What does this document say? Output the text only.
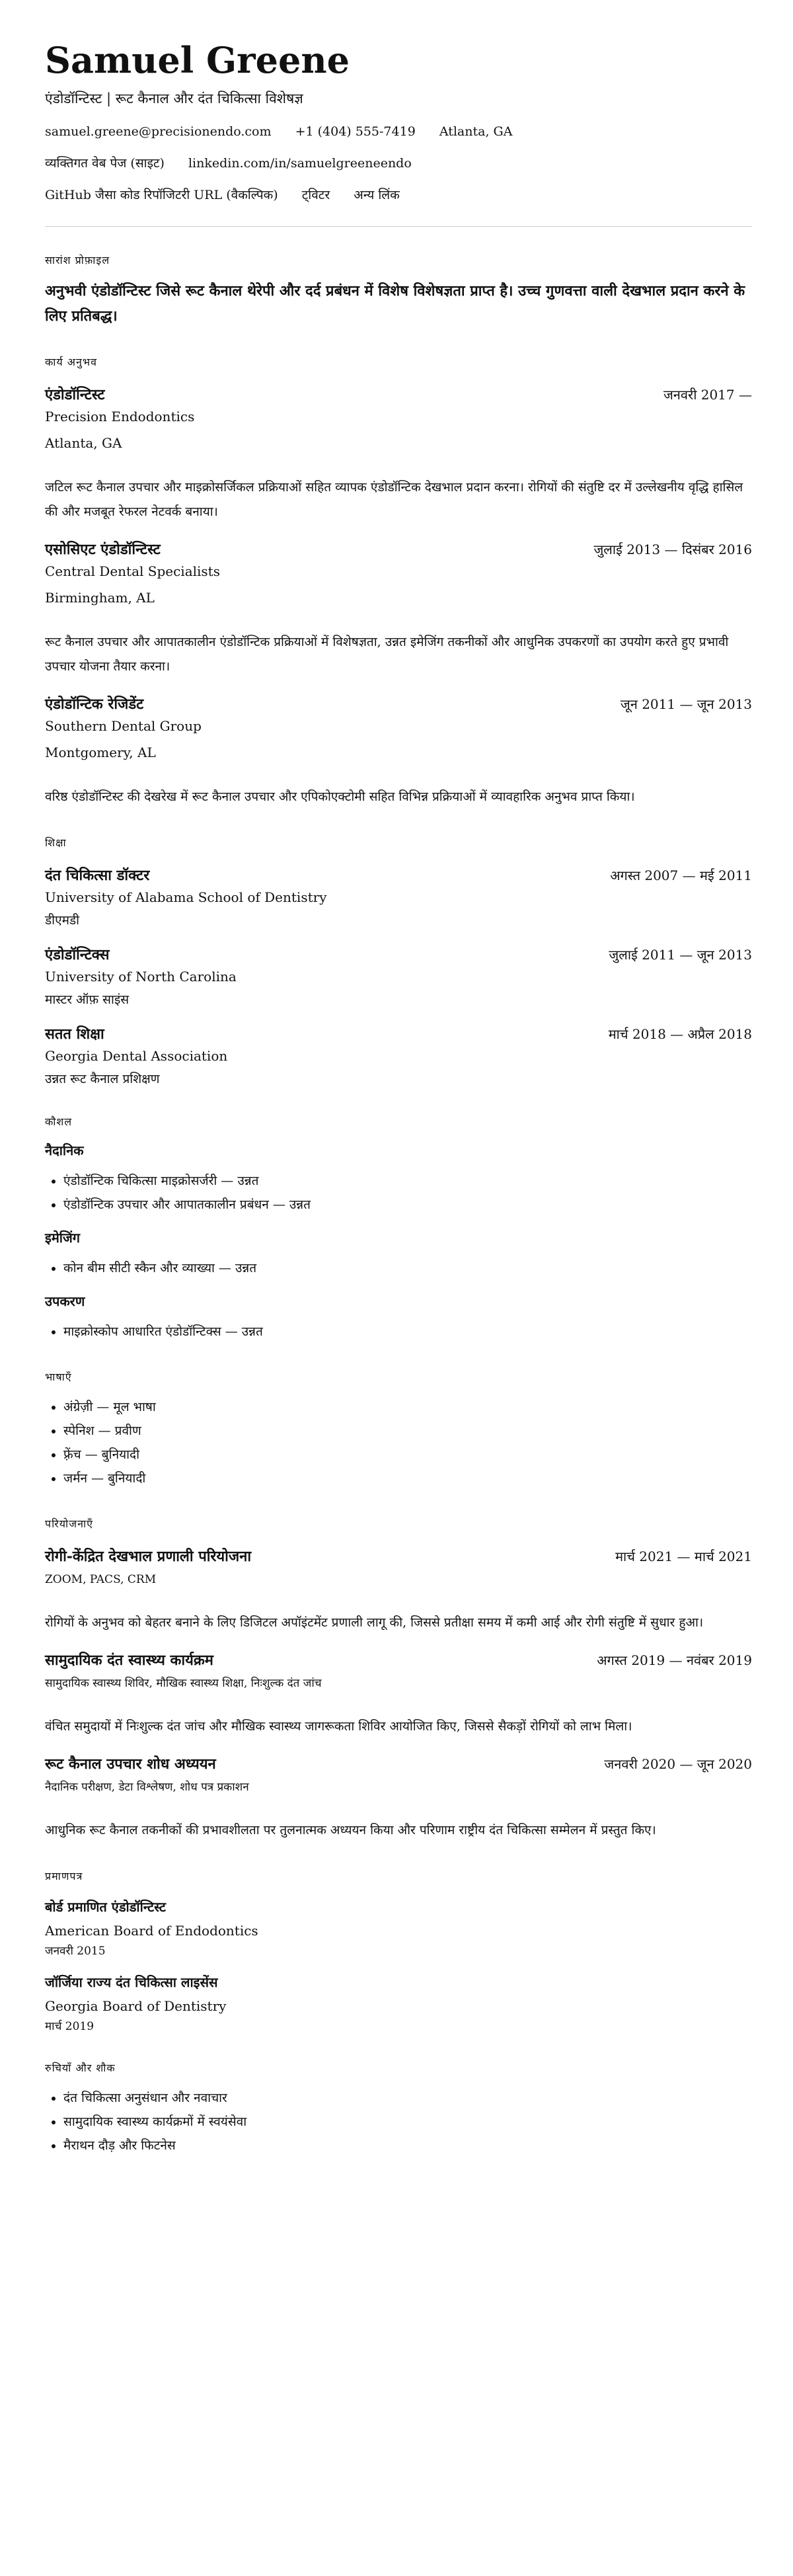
Samuel Greene
एंडोडॉन्टिस्ट | रूट कैनाल और दंत चिकित्सा विशेषज्ञ
samuel.greene@precisionendo.com +1 (404) 555-7419 Atlanta, GA
व्यक्तिगत वेब पेज (साइट) linkedin.com/in/samuelgreeneendo
GitHub जैसा कोड रिपॉजिटरी URL (वैकल्पिक) ट्विटर अन्य लिंक
सारांश प्रोफ़ाइल
अनुभवी एंडोडॉन्टिस्ट जिसे रूट कैनाल थेरेपी और दर्द प्रबंधन में विशेष विशेषज्ञता प्राप्त है। उच्च गुणवत्ता वाली देखभाल प्रदान करने के लिए प्रतिबद्ध।
कार्य अनुभव
एंडोडॉन्टिस्ट	जनवरी 2017 —
Precision Endodontics
Atlanta, GA
जटिल रूट कैनाल उपचार और माइक्रोसर्जिकल प्रक्रियाओं सहित व्यापक एंडोडॉन्टिक देखभाल प्रदान करना। रोगियों की संतुष्टि दर में उल्लेखनीय वृद्धि हासिल की और मजबूत रेफरल नेटवर्क बनाया।
एसोसिएट एंडोडॉन्टिस्ट	जुलाई 2013 — दिसंबर 2016
Central Dental Specialists
Birmingham, AL
रूट कैनाल उपचार और आपातकालीन एंडोडॉन्टिक प्रक्रियाओं में विशेषज्ञता, उन्नत इमेजिंग तकनीकों और आधुनिक उपकरणों का उपयोग करते हुए प्रभावी उपचार योजना तैयार करना।
एंडोडॉन्टिक रेजिडेंट	जून 2011 — जून 2013
Southern Dental Group
Montgomery, AL
वरिष्ठ एंडोडॉन्टिस्ट की देखरेख में रूट कैनाल उपचार और एपिकोएक्टोमी सहित विभिन्न प्रक्रियाओं में व्यावहारिक अनुभव प्राप्त किया।
शिक्षा
दंत चिकित्सा डॉक्टर	अगस्त 2007 — मई 2011
University of Alabama School of Dentistry
डीएमडी
एंडोडॉन्टिक्स	जुलाई 2011 — जून 2013
University of North Carolina
मास्टर ऑफ़ साइंस
सतत शिक्षा	मार्च 2018 — अप्रैल 2018
Georgia Dental Association
उन्नत रूट कैनाल प्रशिक्षण
कौशल
नैदानिक
• एंडोडॉन्टिक चिकित्सा माइक्रोसर्जरी — उन्नत
• एंडोडॉन्टिक उपचार और आपातकालीन प्रबंधन — उन्नत
इमेजिंग
• कोन बीम सीटी स्कैन और व्याख्या — उन्नत
उपकरण
• माइक्रोस्कोप आधारित एंडोडॉन्टिक्स — उन्नत
भाषाएँ
• अंग्रेज़ी — मूल भाषा
• स्पेनिश — प्रवीण
• फ़्रेंच — बुनियादी
• जर्मन — बुनियादी
परियोजनाएँ
रोगी-केंद्रित देखभाल प्रणाली परियोजना	मार्च 2021 — मार्च 2021
ZOOM, PACS, CRM
रोगियों के अनुभव को बेहतर बनाने के लिए डिजिटल अपॉइंटमेंट प्रणाली लागू की, जिससे प्रतीक्षा समय में कमी आई और रोगी संतुष्टि में सुधार हुआ।
सामुदायिक दंत स्वास्थ्य कार्यक्रम	अगस्त 2019 — नवंबर 2019
सामुदायिक स्वास्थ्य शिविर, मौखिक स्वास्थ्य शिक्षा, निःशुल्क दंत जांच
वंचित समुदायों में निःशुल्क दंत जांच और मौखिक स्वास्थ्य जागरूकता शिविर आयोजित किए, जिससे सैकड़ों रोगियों को लाभ मिला।
रूट कैनाल उपचार शोध अध्ययन	जनवरी 2020 — जून 2020
नैदानिक परीक्षण, डेटा विश्लेषण, शोध पत्र प्रकाशन
आधुनिक रूट कैनाल तकनीकों की प्रभावशीलता पर तुलनात्मक अध्ययन किया और परिणाम राष्ट्रीय दंत चिकित्सा सम्मेलन में प्रस्तुत किए।
प्रमाणपत्र
बोर्ड प्रमाणित एंडोडॉन्टिस्ट
American Board of Endodontics
जनवरी 2015
जॉर्जिया राज्य दंत चिकित्सा लाइसेंस
Georgia Board of Dentistry
मार्च 2019
रुचियाँ और शौक
• दंत चिकित्सा अनुसंधान और नवाचार
• सामुदायिक स्वास्थ्य कार्यक्रमों में स्वयंसेवा
• मैराथन दौड़ और फिटनेस
